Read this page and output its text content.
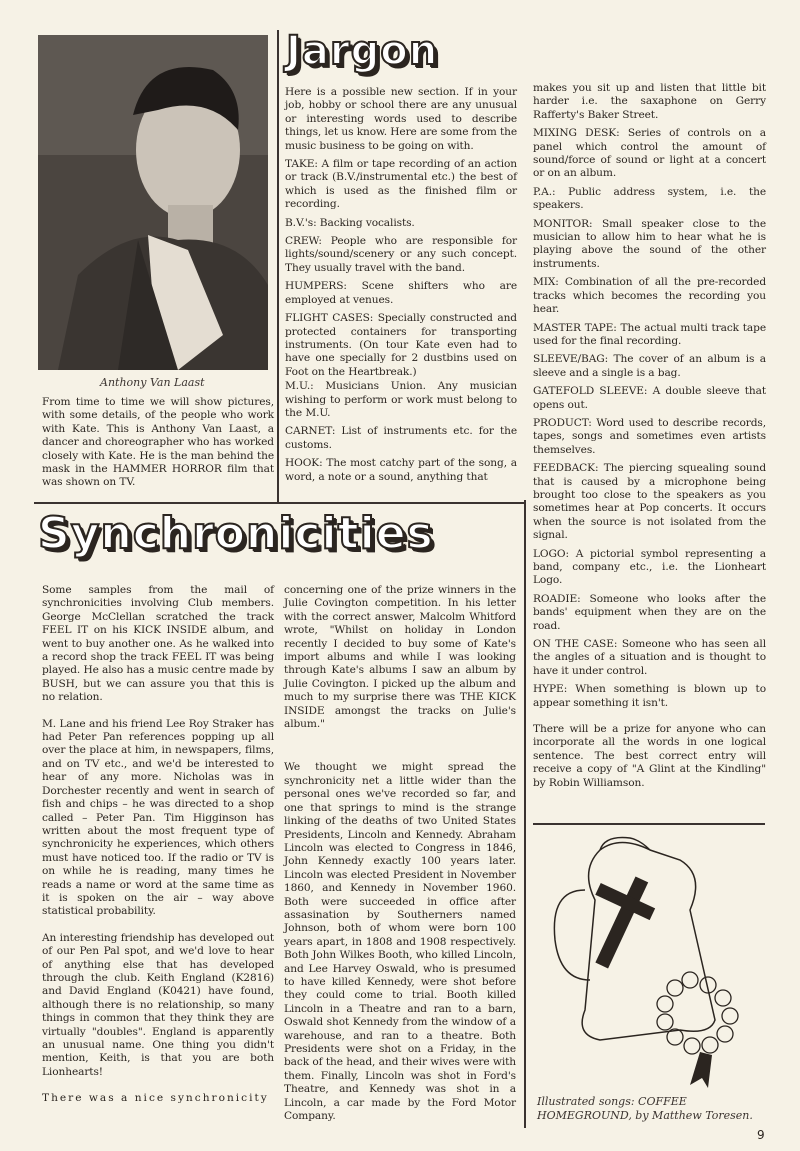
Anthony Van Laast

From time to time we will show pictures, with some details, of the people who work with Kate. This is Anthony Van Laast, a dancer and choreographer who has worked closely with Kate. He is the man behind the mask in the HAMMER HORROR film that was shown on TV.

Jargon

Here is a possible new section. If in your job, hobby or school there are any unusual or interesting words used to describe things, let us know. Here are some from the music business to be going on with.

TAKE: A film or tape recording of an action or track (B.V./instrumental etc.) the best of which is used as the finished film or recording.

B.V.'s: Backing vocalists.

CREW: People who are responsible for lights/sound/scenery or any such concept. They usually travel with the band.

HUMPERS: Scene shifters who are employed at venues.

FLIGHT CASES: Specially constructed and protected containers for transporting instruments. (On tour Kate even had to have one specially for 2 dustbins used on Foot on the Heartbreak.)

M.U.: Musicians Union. Any musician wishing to perform or work must belong to the M.U.

CARNET: List of instruments etc. for the customs.

HOOK: The most catchy part of the song, a word, a note or a sound, anything that

makes you sit up and listen that little bit harder i.e. the saxaphone on Gerry Rafferty's Baker Street.

MIXING DESK: Series of controls on a panel which control the amount of sound/force of sound or light at a concert or on an album.

P.A.: Public address system, i.e. the speakers.

MONITOR: Small speaker close to the musician to allow him to hear what he is playing above the sound of the other instruments.

MIX: Combination of all the pre-recorded tracks which becomes the recording you hear.

MASTER TAPE: The actual multi track tape used for the final recording.

SLEEVE/BAG: The cover of an album is a sleeve and a single is a bag.

GATEFOLD SLEEVE: A double sleeve that opens out.

PRODUCT: Word used to describe records, tapes, songs and sometimes even artists themselves.

FEEDBACK: The piercing squealing sound that is caused by a microphone being brought too close to the speakers as you sometimes hear at Pop concerts. It occurs when the source is not isolated from the signal.

LOGO: A pictorial symbol representing a band, company etc., i.e. the Lionheart Logo.

ROADIE: Someone who looks after the bands' equipment when they are on the road.

ON THE CASE: Someone who has seen all the angles of a situation and is thought to have it under control.

HYPE: When something is blown up to appear something it isn't.

There will be a prize for anyone who can incorporate all the words in one logical sentence. The best correct entry will receive a copy of "A Glint at the Kindling" by Robin Williamson.

Synchronicities

Some samples from the mail of synchronicities involving Club members. George McClellan scratched the track FEEL IT on his KICK INSIDE album, and went to buy another one. As he walked into a record shop the track FEEL IT was being played. He also has a music centre made by BUSH, but we can assure you that this is no relation.

M. Lane and his friend Lee Roy Straker has had Peter Pan references popping up all over the place at him, in newspapers, films, and on TV etc., and we'd be interested to hear of any more. Nicholas was in Dorchester recently and went in search of fish and chips – he was directed to a shop called – Peter Pan. Tim Higginson has written about the most frequent type of synchronicity he experiences, which others must have noticed too. If the radio or TV is on while he is reading, many times he reads a name or word at the same time as it is spoken on the air – way above statistical probability.

An interesting friendship has developed out of our Pen Pal spot, and we'd love to hear of anything else that has developed through the club. Keith England (K2816) and David England (K0421) have found, although there is no relationship, so many things in common that they think they are virtually "doubles". England is apparently an unusual name. One thing you didn't mention, Keith, is that you are both Lionhearts!

There was a nice synchronicity

concerning one of the prize winners in the Julie Covington competition. In his letter with the correct answer, Malcolm Whitford wrote, "Whilst on holiday in London recently I decided to buy some of Kate's import albums and while I was looking through Kate's albums I saw an album by Julie Covington. I picked up the album and much to my surprise there was THE KICK INSIDE amongst the tracks on Julie's album."

We thought we might spread the synchronicity net a little wider than the personal ones we've recorded so far, and one that springs to mind is the strange linking of the deaths of two United States Presidents, Lincoln and Kennedy. Abraham Lincoln was elected to Congress in 1846, John Kennedy exactly 100 years later. Lincoln was elected President in November 1860, and Kennedy in November 1960. Both were succeeded in office after assasination by Southerners named Johnson, both of whom were born 100 years apart, in 1808 and 1908 respectively. Both John Wilkes Booth, who killed Lincoln, and Lee Harvey Oswald, who is presumed to have killed Kennedy, were shot before they could come to trial. Booth killed Lincoln in a Theatre and ran to a barn, Oswald shot Kennedy from the window of a warehouse, and ran to a theatre. Both Presidents were shot on a Friday, in the back of the head, and their wives were with them. Finally, Lincoln was shot in Ford's Theatre, and Kennedy was shot in a Lincoln, a car made by the Ford Motor Company.

Illustrated songs: COFFEE HOMEGROUND, by Matthew Toresen.
9
